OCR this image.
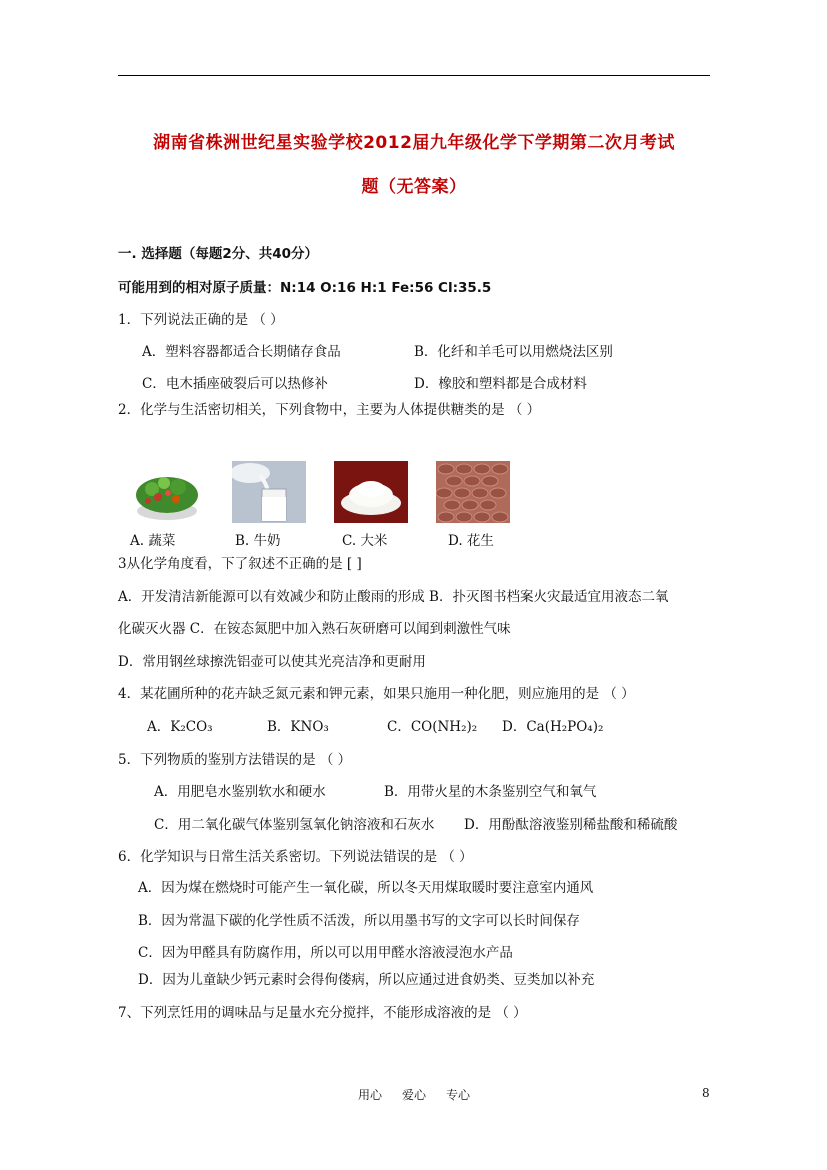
湖南省株洲世纪星实验学校2012届九年级化学下学期第二次月考试
题（无答案）
一. 选择题（每题2分、共40分）
可能用到的相对原子质量：N:14 O:16 H:1 Fe:56 Cl:35.5
1．下列说法正确的是 （ ）
A．塑料容器都适合长期储存食品	B．化纤和羊毛可以用燃烧法区别
C．电木插座破裂后可以热修补	D．橡胶和塑料都是合成材料
2．化学与生活密切相关，下列食物中，主要为人体提供糖类的是 （ ）
A. 蔬菜	B. 牛奶	C. 大米	D. 花生
3从化学角度看，下了叙述不正确的是 [ ]
A．开发清洁新能源可以有效减少和防止酸雨的形成 B．扑灭图书档案火灾最适宜用液态二氧
化碳灭火器 C．在铵态氮肥中加入熟石灰研磨可以闻到刺激性气味
D．常用钢丝球擦洗铝壶可以使其光亮洁净和更耐用
4．某花圃所种的花卉缺乏氮元素和钾元素，如果只施用一种化肥，则应施用的是 （ ）
A．K₂CO₃	B．KNO₃	C．CO(NH₂)₂ D．Ca(H₂PO₄)₂
5．下列物质的鉴别方法错误的是 （ ）
A．用肥皂水鉴别软水和硬水	B．用带火星的木条鉴别空气和氧气
C．用二氧化碳气体鉴别氢氧化钠溶液和石灰水 D．用酚酞溶液鉴别稀盐酸和稀硫酸
6．化学知识与日常生活关系密切。下列说法错误的是 （ ）
A．因为煤在燃烧时可能产生一氧化碳，所以冬天用煤取暖时要注意室内通风
B．因为常温下碳的化学性质不活泼，所以用墨书写的文字可以长时间保存
C．因为甲醛具有防腐作用，所以可以用甲醛水溶液浸泡水产品
D．因为儿童缺少钙元素时会得佝偻病，所以应通过进食奶类、豆类加以补充
7、下列烹饪用的调味品与足量水充分搅拌，不能形成溶液的是 （ ）
用心 爱心 专心	8
